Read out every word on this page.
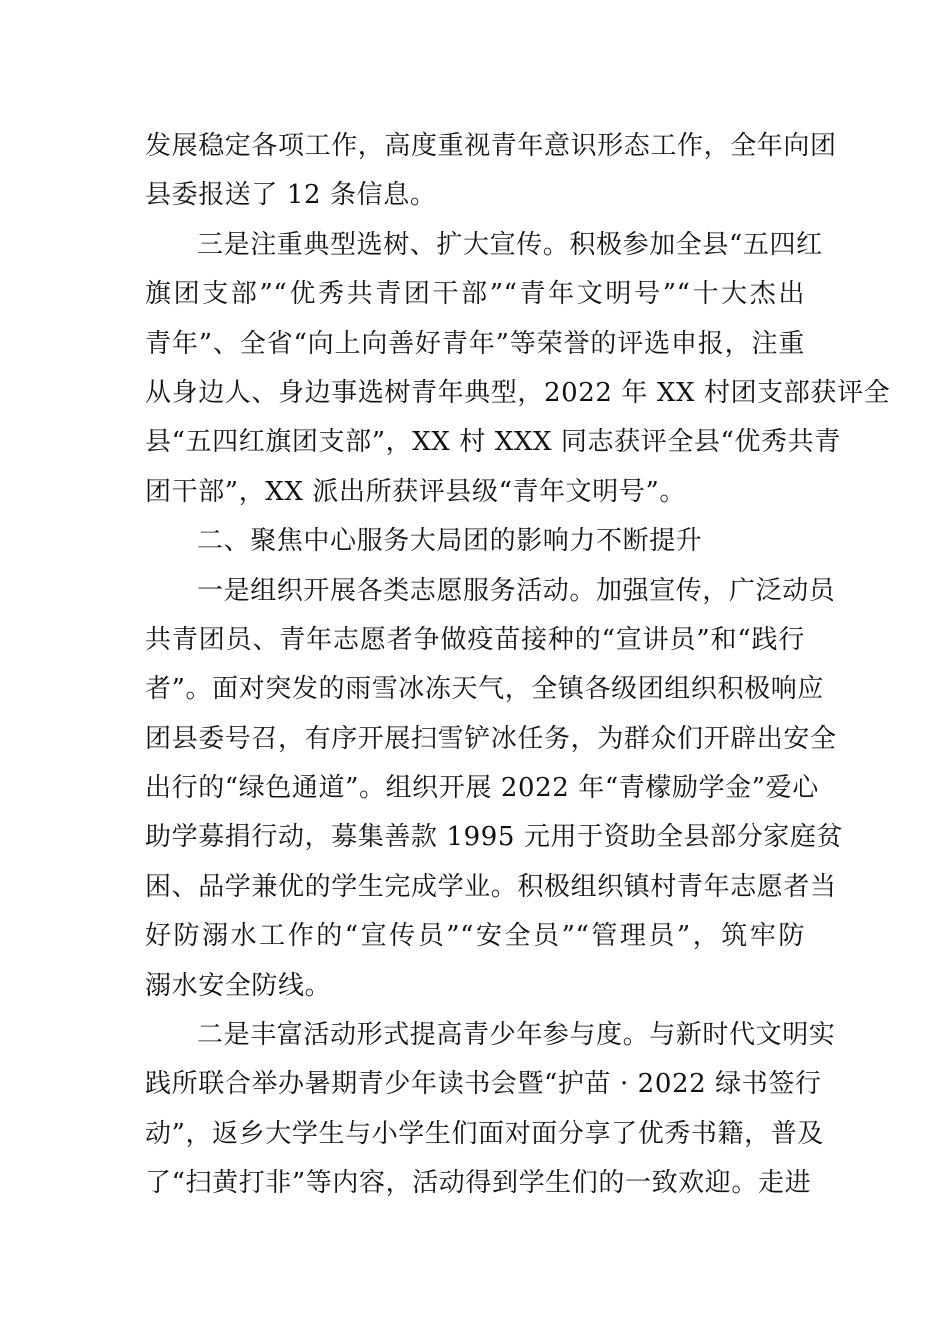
发展稳定各项工作，高度重视青年意识形态工作，全年向团
县委报送了 12 条信息。
三是注重典型选树、扩大宣传。积极参加全县“五四红
旗团支部”“优秀共青团干部”“青年文明号”“十大杰出
青年”、全省“向上向善好青年”等荣誉的评选申报，注重
从身边人、身边事选树青年典型，2022 年 XX 村团支部获评全
县“五四红旗团支部”，XX 村 XXX 同志获评全县“优秀共青
团干部”，XX 派出所获评县级“青年文明号”。
二、聚焦中心服务大局团的影响力不断提升
一是组织开展各类志愿服务活动。加强宣传，广泛动员
共青团员、青年志愿者争做疫苗接种的“宣讲员”和“践行
者”。面对突发的雨雪冰冻天气，全镇各级团组织积极响应
团县委号召，有序开展扫雪铲冰任务，为群众们开辟出安全
出行的“绿色通道”。组织开展 2022 年“青檬励学金”爱心
助学募捐行动，募集善款 1995 元用于资助全县部分家庭贫
困、品学兼优的学生完成学业。积极组织镇村青年志愿者当
好防溺水工作的“宣传员”“安全员”“管理员”，筑牢防
溺水安全防线。
二是丰富活动形式提高青少年参与度。与新时代文明实
践所联合举办暑期青少年读书会暨“护苗 · 2022 绿书签行
动”，返乡大学生与小学生们面对面分享了优秀书籍，普及
了“扫黄打非”等内容，活动得到学生们的一致欢迎。走进
